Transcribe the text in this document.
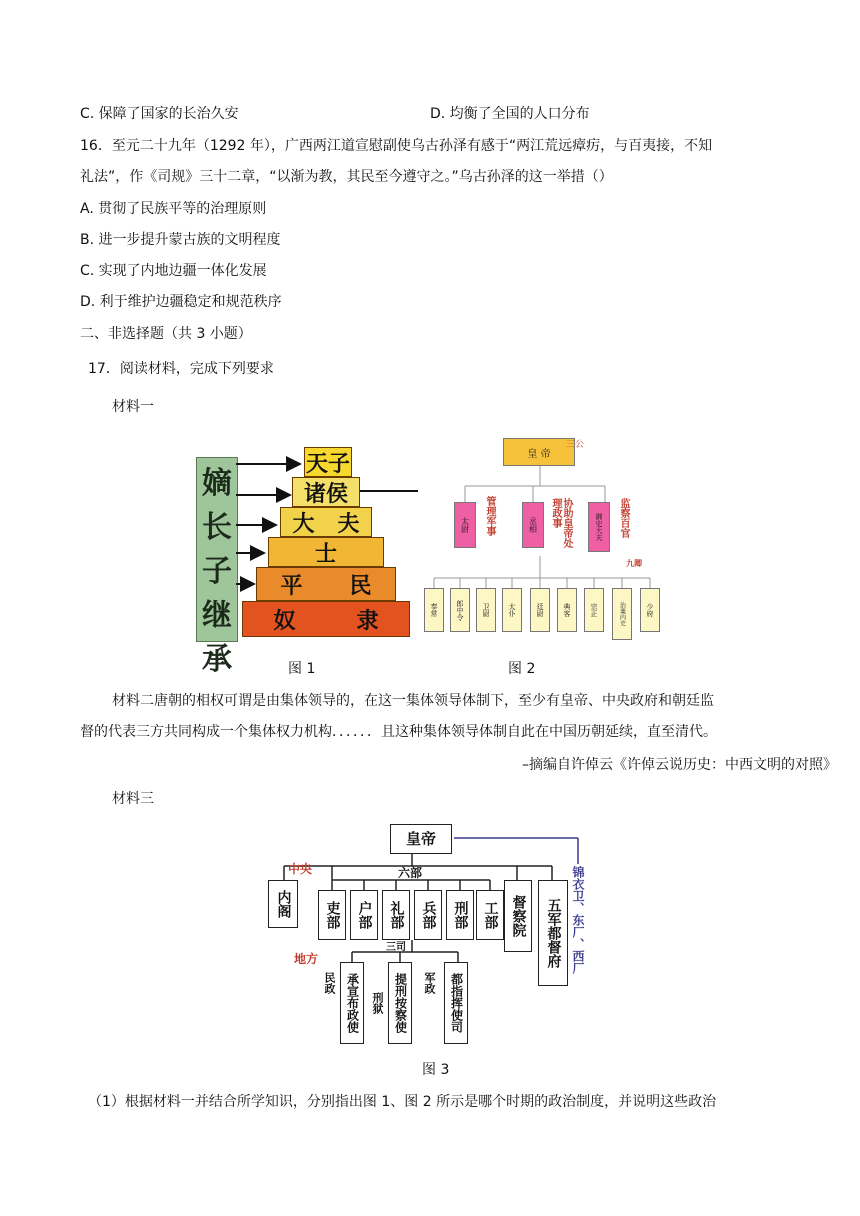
C. 保障了国家的长治久安	D. 均衡了全国的人口分布
16．至元二十九年（1292 年），广西两江道宣慰副使乌古孙泽有感于“两江荒远瘴疠，与百夷接，不知
礼法”，作《司规》三十二章，“以渐为教，其民至今遵守之。”乌古孙泽的这一举措（）
A. 贯彻了民族平等的治理原则
B. 进一步提升蒙古族的文明程度
C. 实现了内地边疆一体化发展
D. 利于维护边疆稳定和规范秩序
二、非选择题（共 3 小题）
17．阅读材料，完成下列要求
材料一
嫡
长
子
继
承
天子
诸侯
大 夫
士
平 民
奴	隶
皇 帝
三公
太尉	丞相	御史大夫
管理军事	协助皇帝处理政事	监察百官
九卿
奉常	郎中令	卫尉	太仆	廷尉	典客	宗正	治粟内史	少府
图 1	图 2
材料二唐朝的相权可谓是由集体领导的，在这一集体领导体制下，至少有皇帝、中央政府和朝廷监
督的代表三方共同构成一个集体权力机构．．．．．．且这种集体领导体制自此在中国历朝延续，直至清代。
–摘编自许倬云《许倬云说历史：中西文明的对照》
材料三
皇帝
中央	六部
内阁 吏部 户部 礼部 兵部 刑部 工部 督察院 五军都督府 锦衣卫、东厂、西厂
三司
地方
民政 承宣布政使 刑狱 提刑按察使 军政 都指挥使司
图 3
（1）根据材料一并结合所学知识，分别指出图 1、图 2 所示是哪个时期的政治制度，并说明这些政治
